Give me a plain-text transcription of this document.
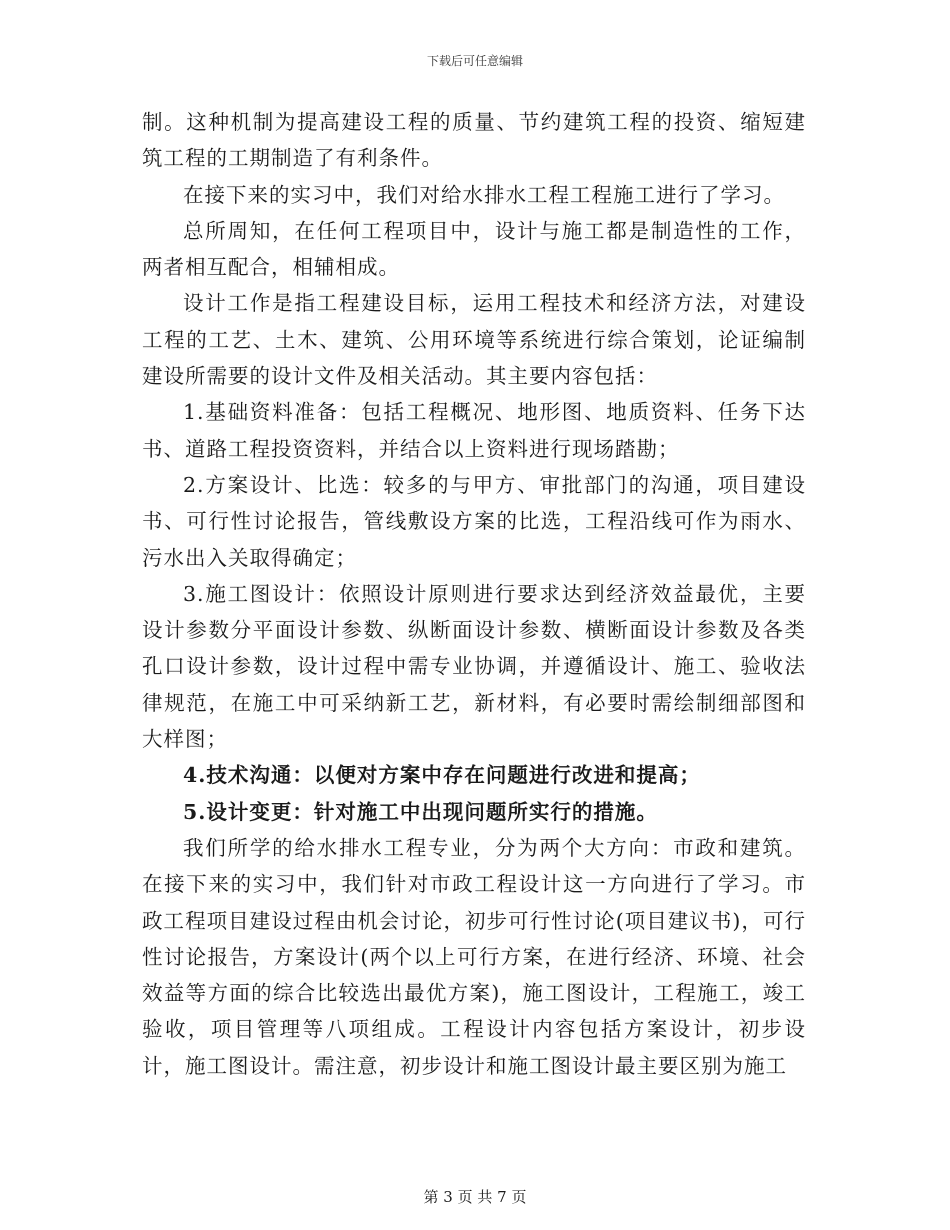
下载后可任意编辑

制。这种机制为提高建设工程的质量、节约建筑工程的投资、缩短建筑工程的工期制造了有利条件。

在接下来的实习中，我们对给水排水工程工程施工进行了学习。

总所周知，在任何工程项目中，设计与施工都是制造性的工作，两者相互配合，相辅相成。

设计工作是指工程建设目标，运用工程技术和经济方法，对建设工程的工艺、土木、建筑、公用环境等系统进行综合策划，论证编制建设所需要的设计文件及相关活动。其主要内容包括：

1.基础资料准备：包括工程概况、地形图、地质资料、任务下达书、道路工程投资资料，并结合以上资料进行现场踏勘；

2.方案设计、比选：较多的与甲方、审批部门的沟通，项目建设书、可行性讨论报告，管线敷设方案的比选，工程沿线可作为雨水、污水出入关取得确定；

3.施工图设计：依照设计原则进行要求达到经济效益最优，主要设计参数分平面设计参数、纵断面设计参数、横断面设计参数及各类孔口设计参数，设计过程中需专业协调，并遵循设计、施工、验收法律规范，在施工中可采纳新工艺，新材料，有必要时需绘制细部图和大样图；

4.技术沟通：以便对方案中存在问题进行改进和提高；

5.设计变更：针对施工中出现问题所实行的措施。

我们所学的给水排水工程专业，分为两个大方向：市政和建筑。在接下来的实习中，我们针对市政工程设计这一方向进行了学习。市政工程项目建设过程由机会讨论，初步可行性讨论(项目建议书)，可行性讨论报告，方案设计(两个以上可行方案，在进行经济、环境、社会效益等方面的综合比较选出最优方案)，施工图设计，工程施工，竣工验收，项目管理等八项组成。工程设计内容包括方案设计，初步设计，施工图设计。需注意，初步设计和施工图设计最主要区别为施工

第 3 页 共 7 页
